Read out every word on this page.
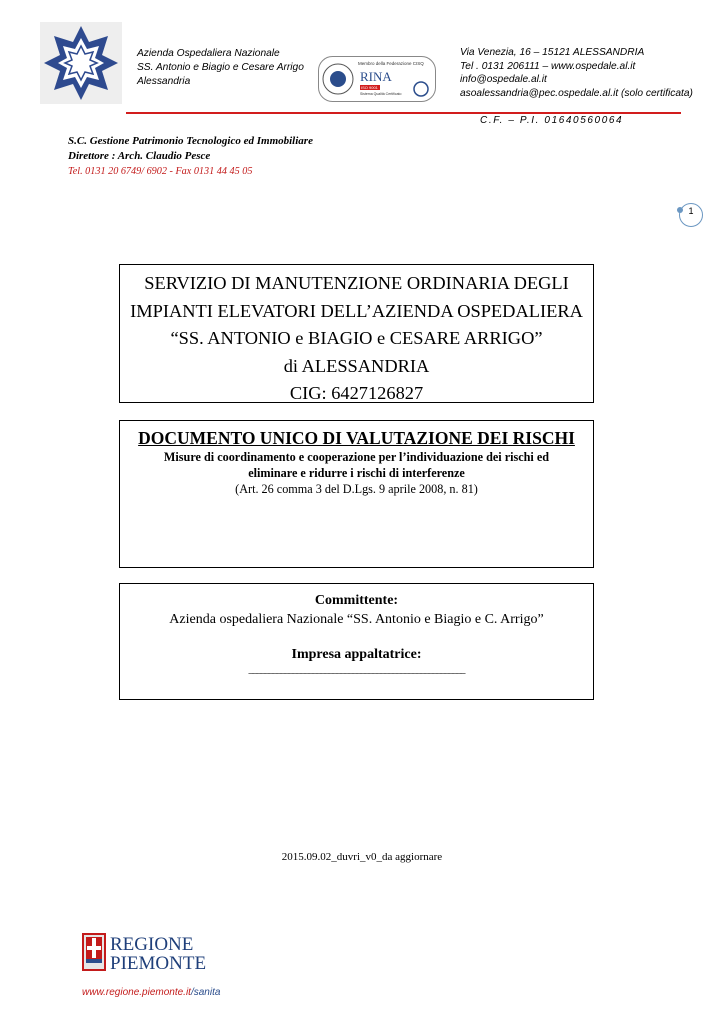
Azienda Ospedaliera Nazionale
SS. Antonio e Biagio e Cesare Arrigo
Alessandria
Membro della Federazione CISQ
RINA
ISO 9001
Sistema Qualità Certificato
Via Venezia, 16 – 15121 ALESSANDRIA
Tel . 0131 206111 – www.ospedale.al.it
info@ospedale.al.it
asoalessandria@pec.ospedale.al.it (solo certificata)
C.F. – P.I. 01640560064
S.C. Gestione Patrimonio Tecnologico ed Immobiliare
Direttore : Arch. Claudio Pesce
Tel. 0131 20 6749/ 6902 - Fax 0131 44 45 05
1
SERVIZIO DI MANUTENZIONE ORDINARIA DEGLI
IMPIANTI ELEVATORI DELL’AZIENDA OSPEDALIERA
“SS. ANTONIO e BIAGIO e CESARE ARRIGO”
di ALESSANDRIA
CIG: 6427126827
DOCUMENTO UNICO DI VALUTAZIONE DEI RISCHI
Misure di coordinamento e cooperazione per l’individuazione dei rischi ed
eliminare e ridurre i rischi di interferenze
(Art. 26 comma 3 del D.Lgs. 9 aprile 2008, n. 81)
Committente:
Azienda ospedaliera Nazionale “SS. Antonio e Biagio e C. Arrigo”
Impresa appaltatrice:
______________________________________________________
2015.09.02_duvri_v0_da aggiornare
REGIONE
PIEMONTE
www.regione.piemonte.it/sanita
